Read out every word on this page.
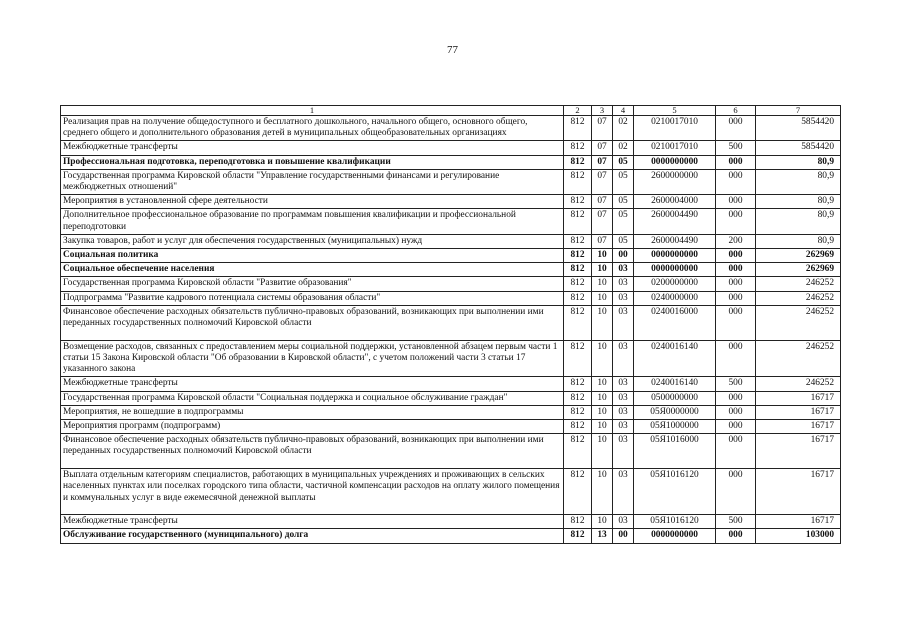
77
1	2	3	4	5	6	7
Реализация прав на получение общедоступного и бесплатного дошкольного, начального общего, основного общего, среднего общего и дополнительного образования детей в муниципальных общеобразовательных организациях	812	07	02	0210017010	000	5854420
Межбюджетные трансферты	812	07	02	0210017010	500	5854420
Профессиональная подготовка, переподготовка и повышение квалификации	812	07	05	0000000000	000	80,9
Государственная программа Кировской области "Управление государственными финансами и регулирование межбюджетных отношений"	812	07	05	2600000000	000	80,9
Мероприятия в установленной сфере деятельности	812	07	05	2600004000	000	80,9
Дополнительное профессиональное образование по программам повышения квалификации и профессиональной переподготовки	812	07	05	2600004490	000	80,9
Закупка товаров, работ и услуг для обеспечения государственных (муниципальных) нужд	812	07	05	2600004490	200	80,9
Социальная политика	812	10	00	0000000000	000	262969
Социальное обеспечение населения	812	10	03	0000000000	000	262969
Государственная программа Кировской области "Развитие образования"	812	10	03	0200000000	000	246252
Подпрограмма "Развитие кадрового потенциала системы образования области"	812	10	03	0240000000	000	246252
Финансовое обеспечение расходных обязательств публично-правовых образований, возникающих при выполнении ими переданных государственных полномочий Кировской области	812	10	03	0240016000	000	246252
Возмещение расходов, связанных с предоставлением меры социальной поддержки, установленной абзацем первым части 1 статьи 15 Закона Кировской области "Об образовании в Кировской области", с учетом положений части 3 статьи 17 указанного закона	812	10	03	0240016140	000	246252
Межбюджетные трансферты	812	10	03	0240016140	500	246252
Государственная программа Кировской области "Социальная поддержка и социальное обслуживание граждан"	812	10	03	0500000000	000	16717
Мероприятия, не вошедшие в подпрограммы	812	10	03	05Я0000000	000	16717
Мероприятия программ (подпрограмм)	812	10	03	05Я1000000	000	16717
Финансовое обеспечение расходных обязательств публично-правовых образований, возникающих при выполнении ими переданных государственных полномочий Кировской области	812	10	03	05Я1016000	000	16717
Выплата отдельным категориям специалистов, работающих в муниципальных учреждениях и проживающих в сельских населенных пунктах или поселках городского типа области, частичной компенсации расходов на оплату жилого помещения и коммунальных услуг в виде ежемесячной денежной выплаты	812	10	03	05Я1016120	000	16717
Межбюджетные трансферты	812	10	03	05Я1016120	500	16717
Обслуживание государственного (муниципального) долга	812	13	00	0000000000	000	103000
